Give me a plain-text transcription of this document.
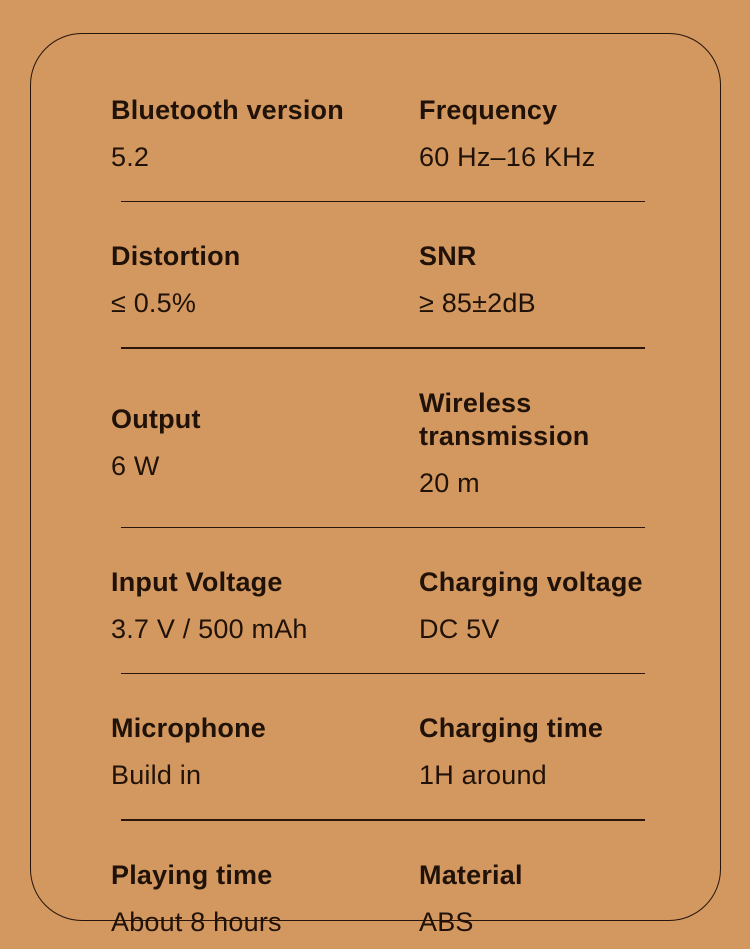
Bluetooth version
5.2
Frequency
60 Hz–16 KHz
Distortion
≤ 0.5%
SNR
≥ 85±2dB
Output
6 W
Wireless transmission
20 m
Input Voltage
3.7 V / 500 mAh
Charging voltage
DC 5V
Microphone
Build in
Charging time
1H around
Playing time
About 8 hours
Material
ABS
